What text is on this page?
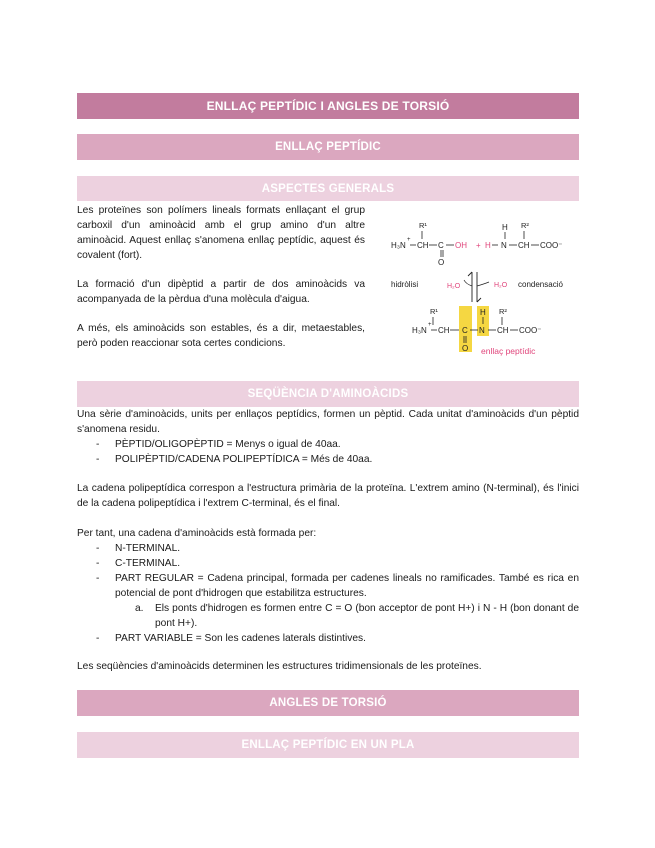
ENLLAÇ PEPTÍDIC I ANGLES DE TORSIÓ
ENLLAÇ PEPTÍDIC
ASPECTES GENERALS

Les proteïnes son polímers lineals formats enllaçant el grup carboxil d'un aminoàcid amb el grup amino d'un altre aminoàcid. Aquest enllaç s'anomena enllaç peptídic, aquest és covalent (fort).

La formació d'un dipèptid a partir de dos aminoàcids va acompanyada de la pèrdua d'una molècula d'aigua.

A més, els aminoàcids son estables, és a dir, metaestables, però poden reaccionar sota certes condicions.

R¹
H₃N
+
CH C
O
OH + H
H
N
R²
CH COO⁻
hidròlisi	H₂O	H₂O condensació
R¹
H₃N
+
CH C
O
H
N
R²
CH COO⁻
enllaç peptídic
SEQÜÈNCIA D'AMINOÀCIDS

Una sèrie d'aminoàcids, units per enllaços peptídics, formen un pèptid. Cada unitat d'aminoàcids d'un pèptid s'anomena residu.

- PÈPTID/OLIGOPÈPTID = Menys o igual de 40aa.
- POLIPÈPTID/CADENA POLIPEPTÍDICA = Més de 40aa.

La cadena polipeptídica correspon a l'estructura primària de la proteïna. L'extrem amino (N-terminal), és l'inici de la cadena polipeptídica i l'extrem C-terminal, és el final.

Per tant, una cadena d'aminoàcids està formada per:

- N-TERMINAL.
- C-TERMINAL.
- PART REGULAR = Cadena principal, formada per cadenes lineals no ramificades. També es rica en potencial de pont d'hidrogen que estabilitza estructures.
a. Els ponts d'hidrogen es formen entre C = O (bon acceptor de pont H+) i N - H (bon donant de pont H+).
- PART VARIABLE = Son les cadenes laterals distintives.

Les seqüències d'aminoàcids determinen les estructures tridimensionals de les proteïnes.

ANGLES DE TORSIÓ
ENLLAÇ PEPTÍDIC EN UN PLA
